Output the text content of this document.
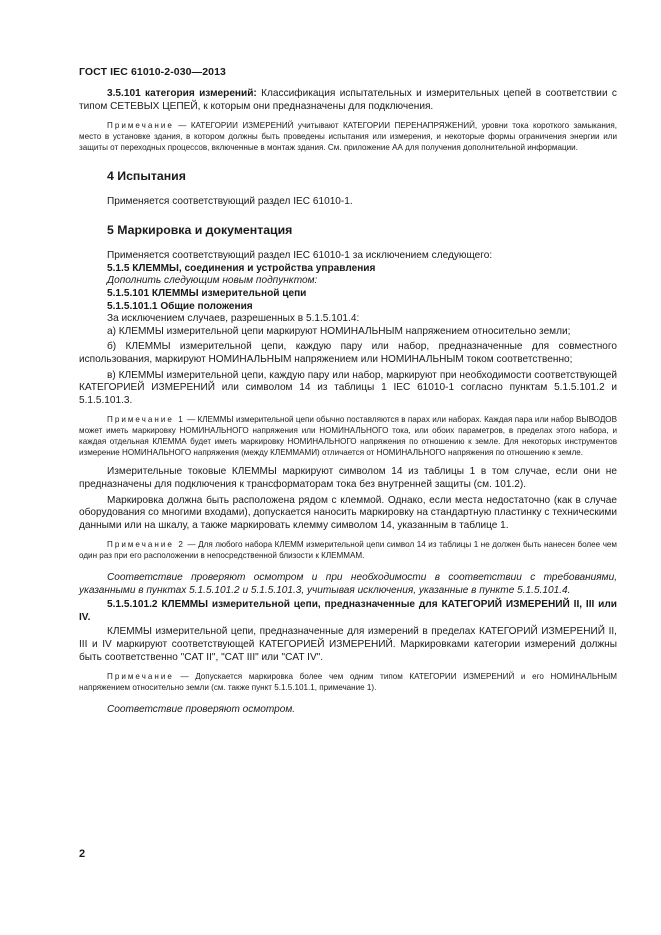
ГОСТ IEC 61010-2-030—2013

3.5.101 категория измерений: Классификация испытательных и измерительных цепей в соответствии с типом СЕТЕВЫХ ЦЕПЕЙ, к которым они предназначены для подключения.

Примечание — КАТЕГОРИИ ИЗМЕРЕНИЙ учитывают КАТЕГОРИИ ПЕРЕНАПРЯЖЕНИЙ, уровни тока короткого замыкания, место в установке здания, в котором должны быть проведены испытания или измерения, и некоторые формы ограничения энергии или защиты от переходных процессов, включенные в монтаж здания. См. приложение АА для получения дополнительной информации.

4 Испытания

Применяется соответствующий раздел IEC 61010-1.

5 Маркировка и документация

Применяется соответствующий раздел IEC 61010-1 за исключением следующего:

5.1.5 КЛЕММЫ, соединения и устройства управления

Дополнить следующим новым подпунктом:

5.1.5.101 КЛЕММЫ измерительной цепи

5.1.5.101.1 Общие положения

За исключением случаев, разрешенных в 5.1.5.101.4:

а) КЛЕММЫ измерительной цепи маркируют НОМИНАЛЬНЫМ напряжением относительно земли;

б) КЛЕММЫ измерительной цепи, каждую пару или набор, предназначенные для совместного использования, маркируют НОМИНАЛЬНЫМ напряжением или НОМИНАЛЬНЫМ током соответственно;

в) КЛЕММЫ измерительной цепи, каждую пару или набор, маркируют при необходимости соответствующей КАТЕГОРИЕЙ ИЗМЕРЕНИЙ или символом 14 из таблицы 1 IEC 61010-1 согласно пунктам 5.1.5.101.2 и 5.1.5.101.3.

Примечание 1 — КЛЕММЫ измерительной цепи обычно поставляются в парах или наборах. Каждая пара или набор ВЫВОДОВ может иметь маркировку НОМИНАЛЬНОГО напряжения или НОМИНАЛЬНОГО тока, или обоих параметров, в пределах этого набора, и каждая отдельная КЛЕММА будет иметь маркировку НОМИНАЛЬНОГО напряжения по отношению к земле. Для некоторых инструментов измерение НОМИНАЛЬНОГО напряжения (между КЛЕММАМИ) отличается от НОМИНАЛЬНОГО напряжения по отношению к земле.

Измерительные токовые КЛЕММЫ маркируют символом 14 из таблицы 1 в том случае, если они не предназначены для подключения к трансформаторам тока без внутренней защиты (см. 101.2).

Маркировка должна быть расположена рядом с клеммой. Однако, если места недостаточно (как в случае оборудования со многими входами), допускается наносить маркировку на стандартную пластинку с техническими данными или на шкалу, а также маркировать клемму символом 14, указанным в таблице 1.

Примечание 2 — Для любого набора КЛЕММ измерительной цепи символ 14 из таблицы 1 не должен быть нанесен более чем один раз при его расположении в непосредственной близости к КЛЕММАМ.

Соответствие проверяют осмотром и при необходимости в соответствии с требованиями, указанными в пунктах 5.1.5.101.2 и 5.1.5.101.3, учитывая исключения, указанные в пункте 5.1.5.101.4.

5.1.5.101.2 КЛЕММЫ измерительной цепи, предназначенные для КАТЕГОРИЙ ИЗМЕРЕНИЙ II, III или IV.

КЛЕММЫ измерительной цепи, предназначенные для измерений в пределах КАТЕГОРИЙ ИЗМЕРЕНИЙ II, III и IV маркируют соответствующей КАТЕГОРИЕЙ ИЗМЕРЕНИЙ. Маркировками категории измерений должны быть соответственно "CAT II", "CAT III" или "CAT IV".

Примечание — Допускается маркировка более чем одним типом КАТЕГОРИИ ИЗМЕРЕНИЙ и его НОМИНАЛЬНЫМ напряжением относительно земли (см. также пункт 5.1.5.101.1, примечание 1).

Соответствие проверяют осмотром.

2
